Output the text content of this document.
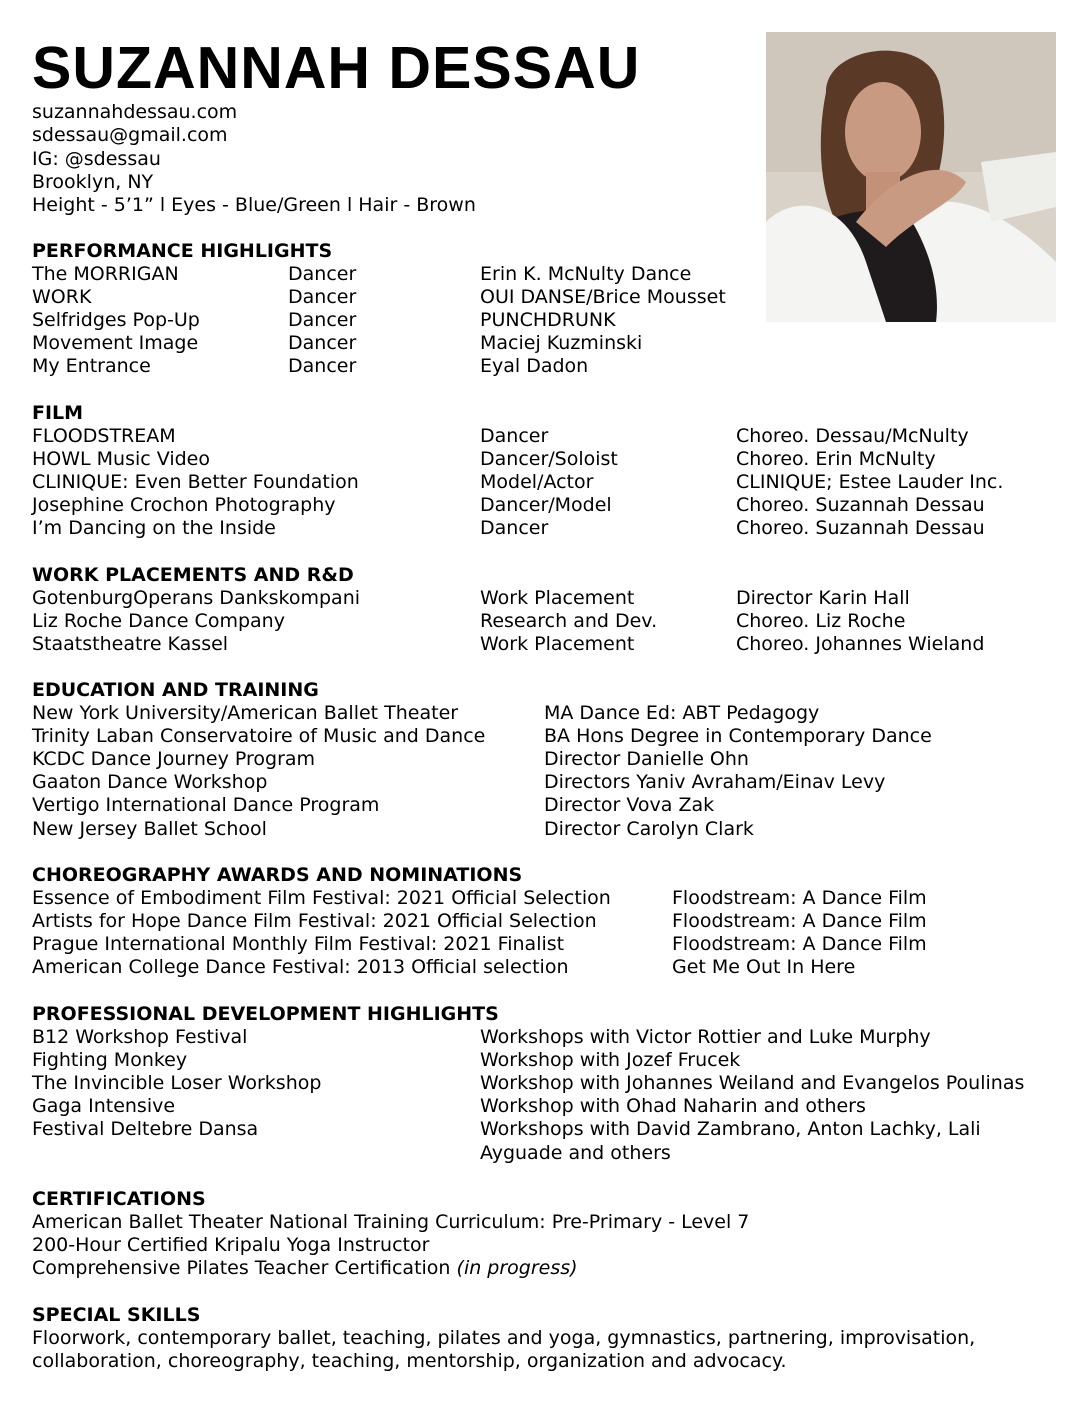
SUZANNAH DESSAU
suzannahdessau.com
sdessau@gmail.com
IG: @sdessau
Brooklyn, NY
Height - 5’1” l Eyes - Blue/Green l Hair - Brown
PERFORMANCE HIGHLIGHTS
The MORRIGAN	Dancer	Erin K. McNulty Dance
WORK	Dancer	OUI DANSE/Brice Mousset
Selfridges Pop-Up	Dancer	PUNCHDRUNK
Movement Image	Dancer	Maciej Kuzminski
My Entrance	Dancer	Eyal Dadon
FILM
FLOODSTREAM	Dancer	Choreo. Dessau/McNulty
HOWL Music Video	Dancer/Soloist	Choreo. Erin McNulty
CLINIQUE: Even Better Foundation	Model/Actor	CLINIQUE; Estee Lauder Inc.
Josephine Crochon Photography	Dancer/Model	Choreo. Suzannah Dessau
I’m Dancing on the Inside	Dancer	Choreo. Suzannah Dessau
WORK PLACEMENTS AND R&D
GotenburgOperans Dankskompani	Work Placement	Director Karin Hall
Liz Roche Dance Company	Research and Dev.	Choreo. Liz Roche
Staatstheatre Kassel	Work Placement	Choreo. Johannes Wieland
EDUCATION AND TRAINING
New York University/American Ballet Theater	MA Dance Ed: ABT Pedagogy
Trinity Laban Conservatoire of Music and Dance	BA Hons Degree in Contemporary Dance
KCDC Dance Journey Program	Director Danielle Ohn
Gaaton Dance Workshop	Directors Yaniv Avraham/Einav Levy
Vertigo International Dance Program	Director Vova Zak
New Jersey Ballet School	Director Carolyn Clark
CHOREOGRAPHY AWARDS AND NOMINATIONS
Essence of Embodiment Film Festival: 2021 Official Selection	Floodstream: A Dance Film
Artists for Hope Dance Film Festival: 2021 Official Selection	Floodstream: A Dance Film
Prague International Monthly Film Festival: 2021 Finalist	Floodstream: A Dance Film
American College Dance Festival: 2013 Official selection	Get Me Out In Here
PROFESSIONAL DEVELOPMENT HIGHLIGHTS
B12 Workshop Festival	Workshops with Victor Rottier and Luke Murphy
Fighting Monkey	Workshop with Jozef Frucek
The Invincible Loser Workshop	Workshop with Johannes Weiland and Evangelos Poulinas
Gaga Intensive	Workshop with Ohad Naharin and others
Festival Deltebre Dansa	Workshops with David Zambrano, Anton Lachky, Lali Ayguade and others
CERTIFICATIONS
American Ballet Theater National Training Curriculum: Pre-Primary - Level 7
200-Hour Certified Kripalu Yoga Instructor
Comprehensive Pilates Teacher Certification (in progress)
SPECIAL SKILLS
Floorwork, contemporary ballet, teaching, pilates and yoga, gymnastics, partnering, improvisation, collaboration, choreography, teaching, mentorship, organization and advocacy.
